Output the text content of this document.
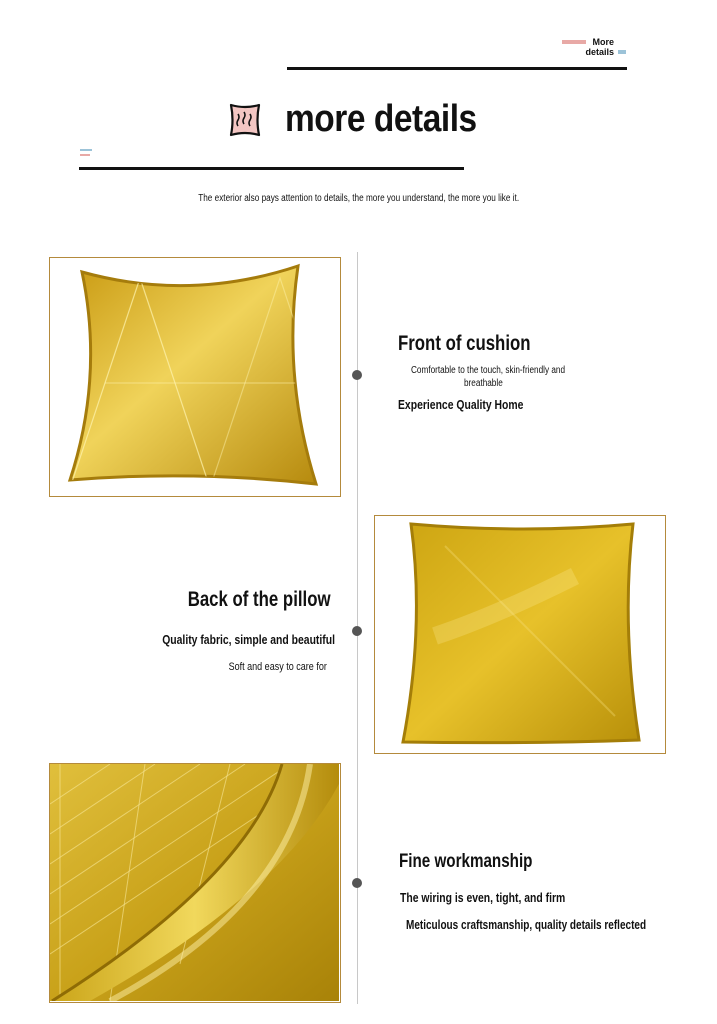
More
details
more details
The exterior also pays attention to details, the more you understand, the more you like it.
Front of cushion
Comfortable to the touch, skin-friendly and
breathable
Experience Quality Home
Back of the pillow
Quality fabric, simple and beautiful
Soft and easy to care for
Fine workmanship
The wiring is even, tight, and firm
Meticulous craftsmanship, quality details reflected
